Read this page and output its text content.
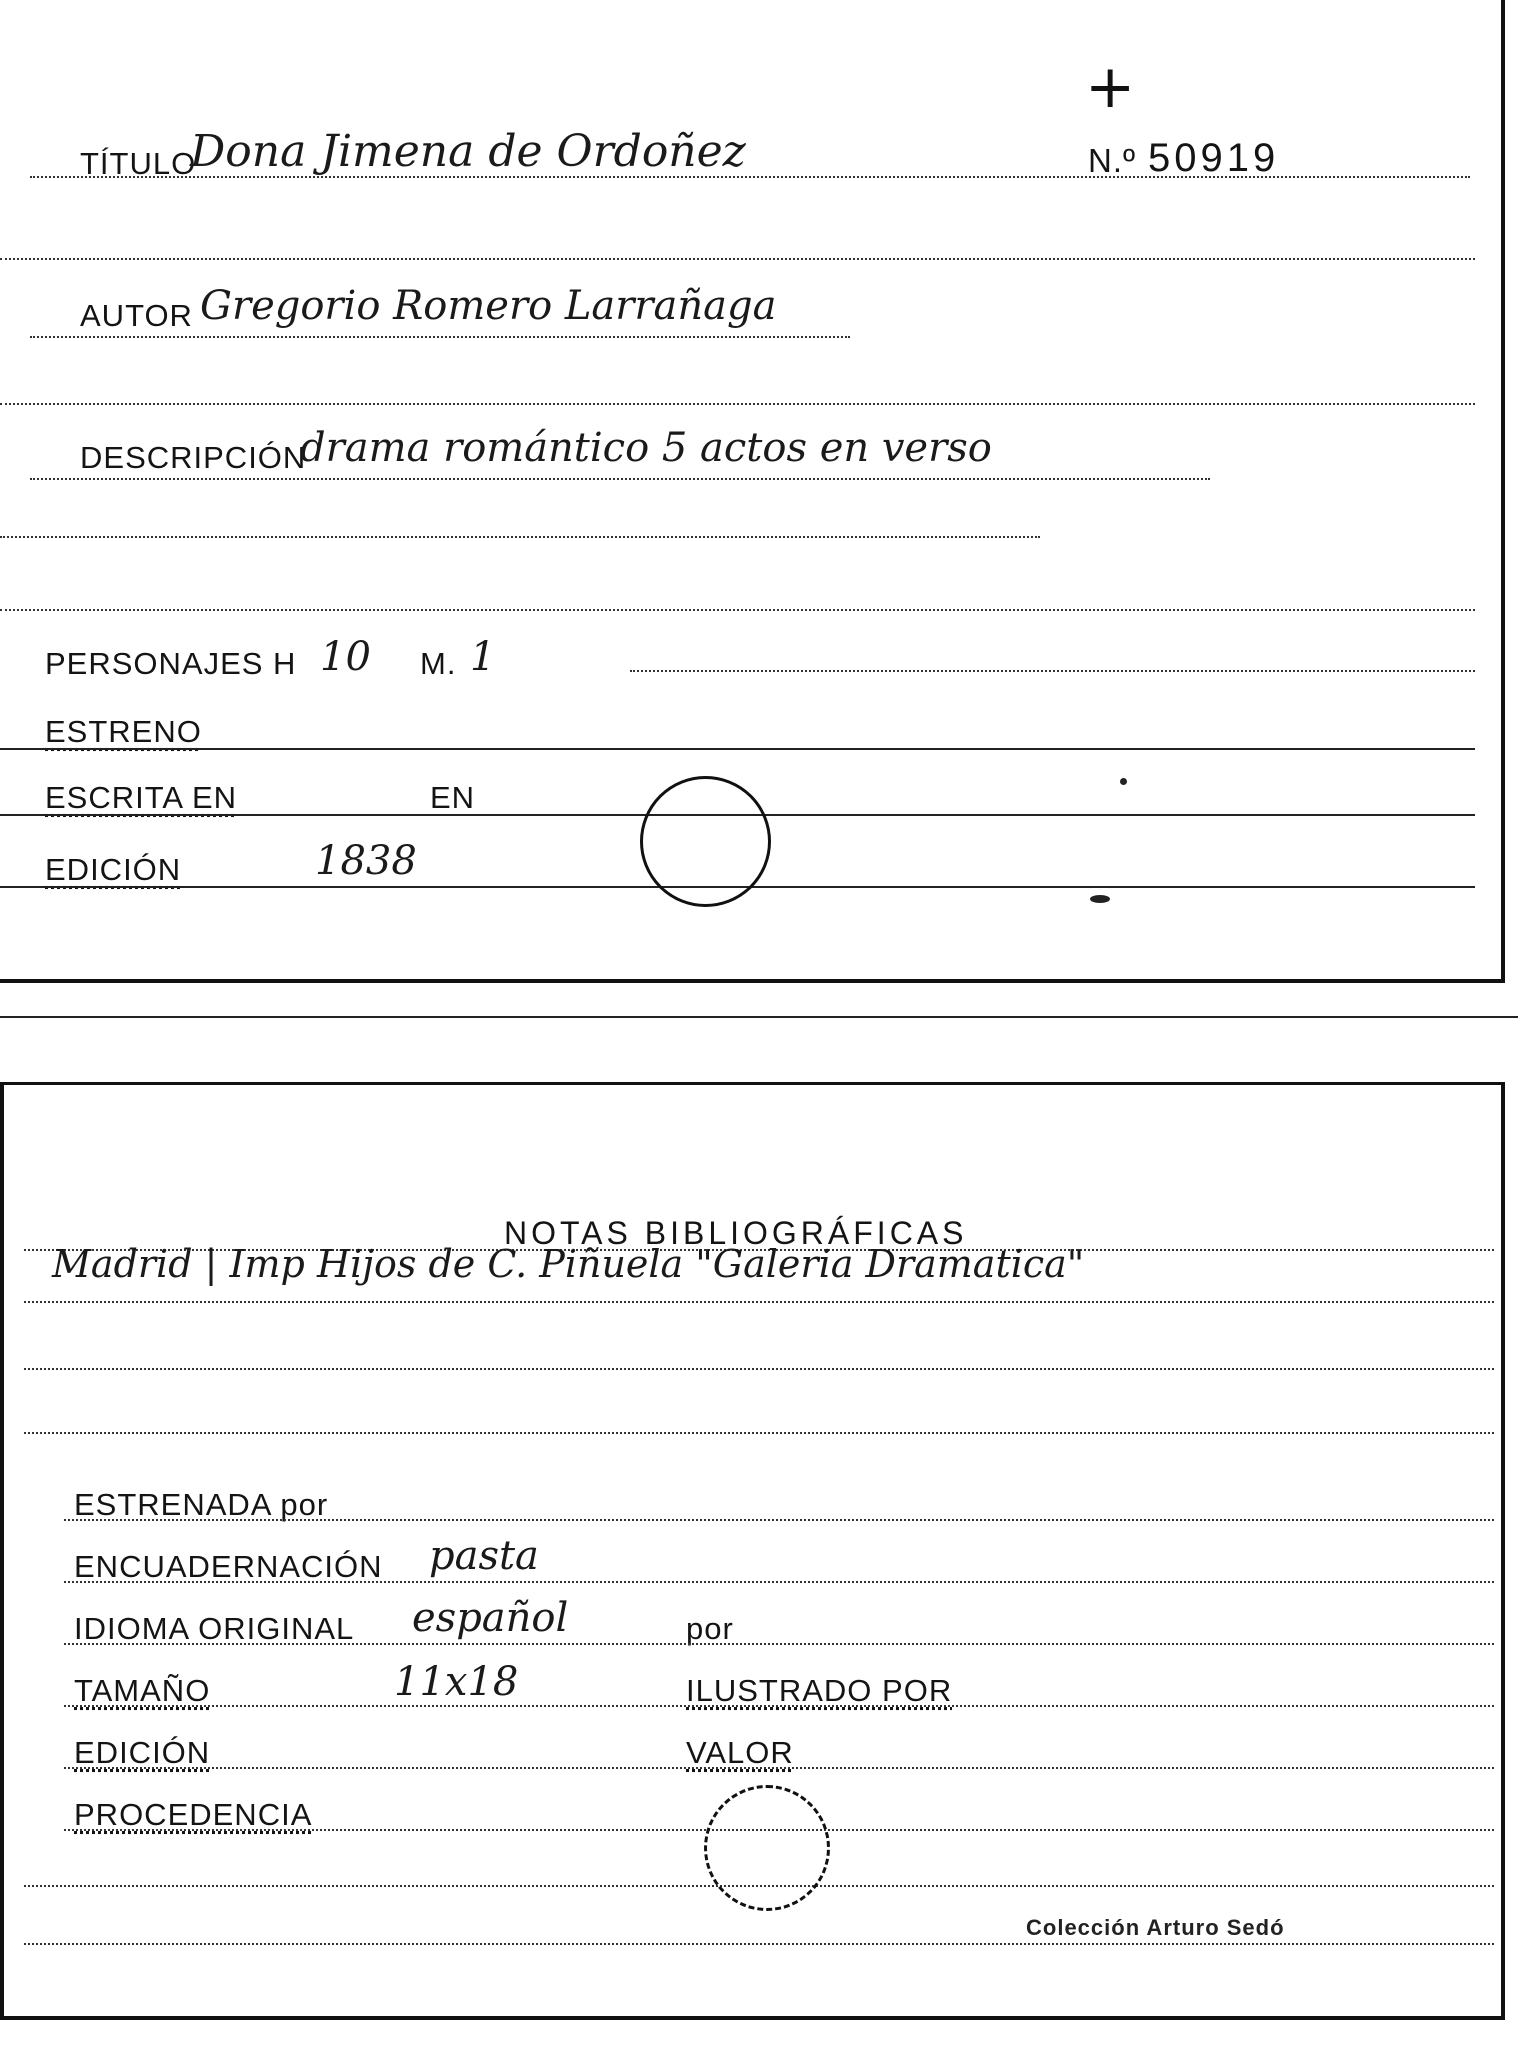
+
TÍTULO
Dona Jimena de Ordoñez	N.º 50919
AUTOR Gregorio Romero Larrañaga
DESCRIPCIÓN
drama romántico 5 actos en verso
PERSONAJES H 10 M. 1
ESTRENO
ESCRITA EN	EN
EDICIÓN	1838
NOTAS BIBLIOGRÁFICAS
Madrid | Imp Hijos de C. Piñuela "Galeria Dramatica"
ESTRENADA por
ENCUADERNACIÓN pasta
IDIOMA ORIGINAL español	por
TAMAÑO	11x18	ILUSTRADO POR
EDICIÓN	VALOR
PROCEDENCIA
Colección Arturo Sedó
